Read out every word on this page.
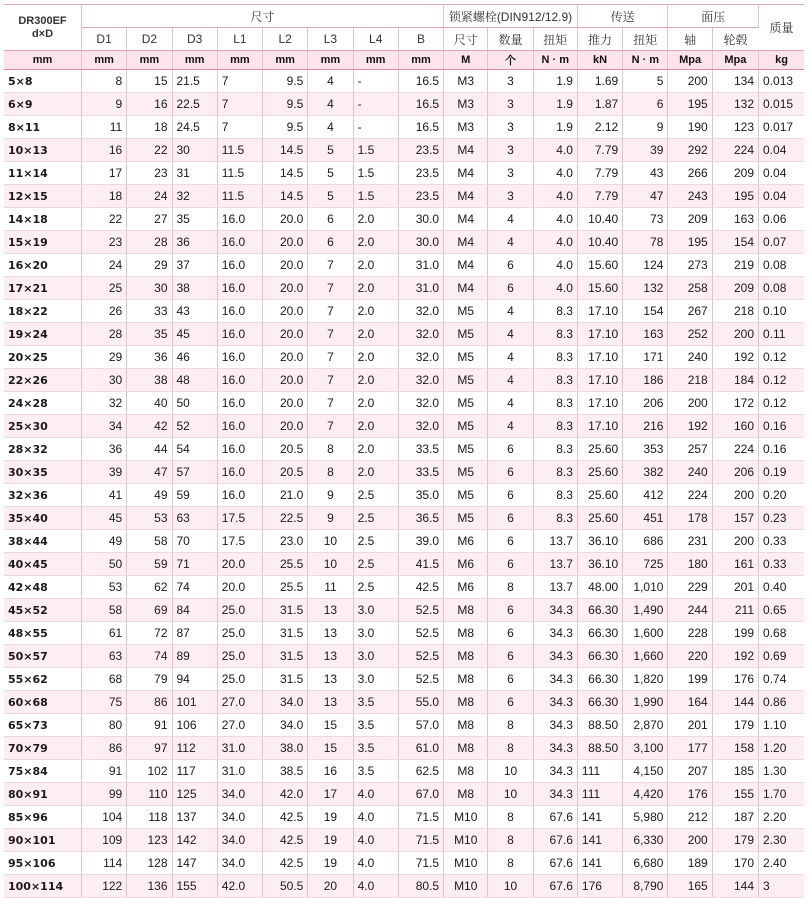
DR300EF
d×D	尺寸								锁紧螺栓(DIN912/12.9)			传送		面压		质量
	D1	D2	D3	L1	L2	L3	L4	B	尺寸	数量	扭矩	推力	扭矩	轴	轮毂	
mm	mm	mm	mm	mm	mm	mm	mm	mm	M	个	N · m	kN	N · m	Mpa	Mpa	kg
5×8	8	15	21.5	7	9.5	4	-	16.5	M3	3	1.9	1.69	5	200	134	0.013
6×9	9	16	22.5	7	9.5	4	-	16.5	M3	3	1.9	1.87	6	195	132	0.015
8×11	11	18	24.5	7	9.5	4	-	16.5	M3	3	1.9	2.12	9	190	123	0.017
10×13	16	22	30	11.5	14.5	5	1.5	23.5	M4	3	4.0	7.79	39	292	224	0.04
11×14	17	23	31	11.5	14.5	5	1.5	23.5	M4	3	4.0	7.79	43	266	209	0.04
12×15	18	24	32	11.5	14.5	5	1.5	23.5	M4	3	4.0	7.79	47	243	195	0.04
14×18	22	27	35	16.0	20.0	6	2.0	30.0	M4	4	4.0	10.40	73	209	163	0.06
15×19	23	28	36	16.0	20.0	6	2.0	30.0	M4	4	4.0	10.40	78	195	154	0.07
16×20	24	29	37	16.0	20.0	7	2.0	31.0	M4	6	4.0	15.60	124	273	219	0.08
17×21	25	30	38	16.0	20.0	7	2.0	31.0	M4	6	4.0	15.60	132	258	209	0.08
18×22	26	33	43	16.0	20.0	7	2.0	32.0	M5	4	8.3	17.10	154	267	218	0.10
19×24	28	35	45	16.0	20.0	7	2.0	32.0	M5	4	8.3	17.10	163	252	200	0.11
20×25	29	36	46	16.0	20.0	7	2.0	32.0	M5	4	8.3	17.10	171	240	192	0.12
22×26	30	38	48	16.0	20.0	7	2.0	32.0	M5	4	8.3	17.10	186	218	184	0.12
24×28	32	40	50	16.0	20.0	7	2.0	32.0	M5	4	8.3	17.10	206	200	172	0.12
25×30	34	42	52	16.0	20.0	7	2.0	32.0	M5	4	8.3	17.10	216	192	160	0.16
28×32	36	44	54	16.0	20.5	8	2.0	33.5	M5	6	8.3	25.60	353	257	224	0.16
30×35	39	47	57	16.0	20.5	8	2.0	33.5	M5	6	8.3	25.60	382	240	206	0.19
32×36	41	49	59	16.0	21.0	9	2.5	35.0	M5	6	8.3	25.60	412	224	200	0.20
35×40	45	53	63	17.5	22.5	9	2.5	36.5	M5	6	8.3	25.60	451	178	157	0.23
38×44	49	58	70	17.5	23.0	10	2.5	39.0	M6	6	13.7	36.10	686	231	200	0.33
40×45	50	59	71	20.0	25.5	10	2.5	41.5	M6	6	13.7	36.10	725	180	161	0.33
42×48	53	62	74	20.0	25.5	11	2.5	42.5	M6	8	13.7	48.00	1,010	229	201	0.40
45×52	58	69	84	25.0	31.5	13	3.0	52.5	M8	6	34.3	66.30	1,490	244	211	0.65
48×55	61	72	87	25.0	31.5	13	3.0	52.5	M8	6	34.3	66.30	1,600	228	199	0.68
50×57	63	74	89	25.0	31.5	13	3.0	52.5	M8	6	34.3	66.30	1,660	220	192	0.69
55×62	68	79	94	25.0	31.5	13	3.0	52.5	M8	6	34.3	66.30	1,820	199	176	0.74
60×68	75	86	101	27.0	34.0	13	3.5	55.0	M8	6	34.3	66.30	1,990	164	144	0.86
65×73	80	91	106	27.0	34.0	15	3.5	57.0	M8	8	34.3	88.50	2,870	201	179	1.10
70×79	86	97	112	31.0	38.0	15	3.5	61.0	M8	8	34.3	88.50	3,100	177	158	1.20
75×84	91	102	117	31.0	38.5	16	3.5	62.5	M8	10	34.3	111	4,150	207	185	1.30
80×91	99	110	125	34.0	42.0	17	4.0	67.0	M8	10	34.3	111	4,420	176	155	1.70
85×96	104	118	137	34.0	42.5	19	4.0	71.5	M10	8	67.6	141	5,980	212	187	2.20
90×101	109	123	142	34.0	42.5	19	4.0	71.5	M10	8	67.6	141	6,330	200	179	2.30
95×106	114	128	147	34.0	42.5	19	4.0	71.5	M10	8	67.6	141	6,680	189	170	2.40
100×114	122	136	155	42.0	50.5	20	4.0	80.5	M10	10	67.6	176	8,790	165	144	3
